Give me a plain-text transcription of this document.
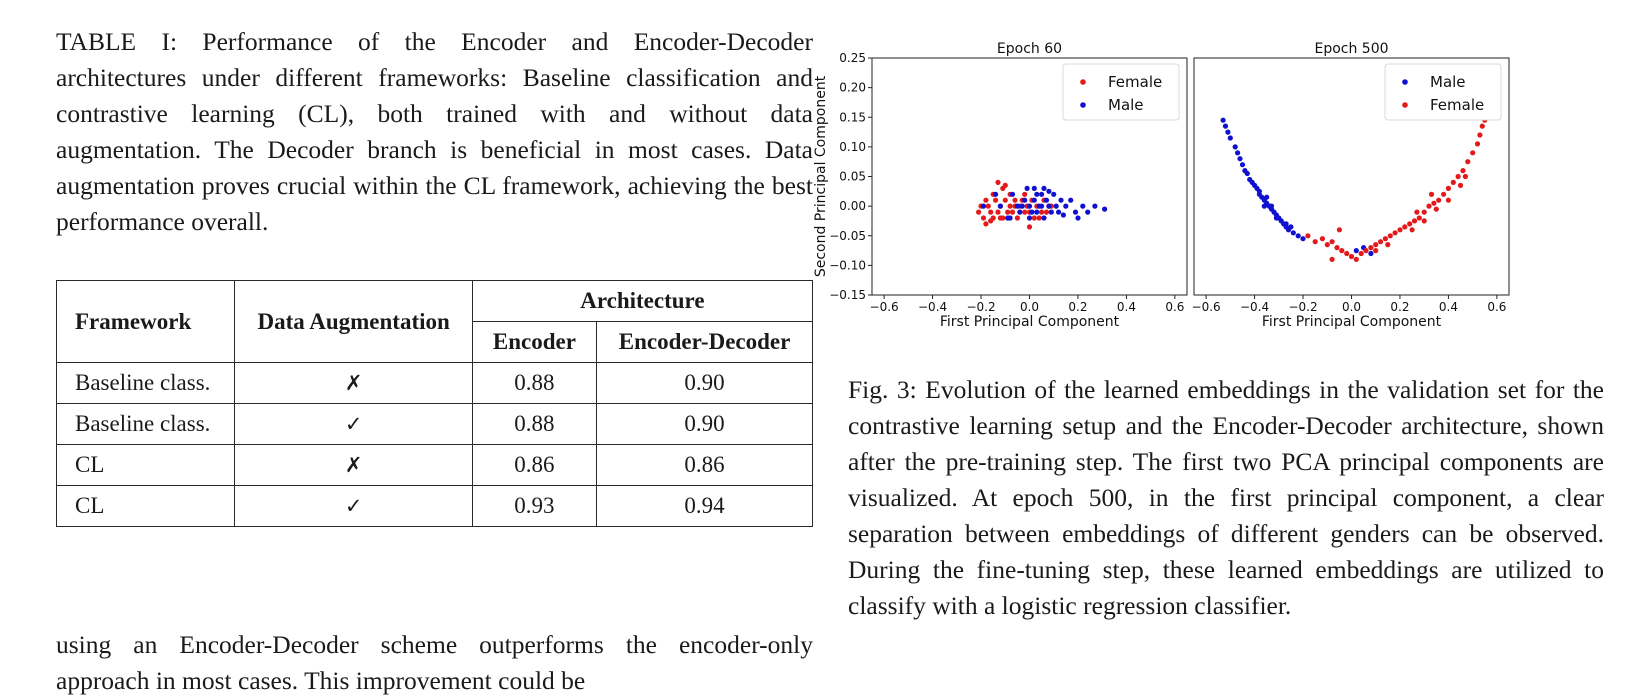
TABLE I: Performance of the Encoder and Encoder-Decoder architectures under different frameworks: Baseline classification and contrastive learning (CL), both trained with and without data augmentation. The Decoder branch is beneficial in most cases. Data augmentation proves crucial within the CL framework, achieving the best performance overall.

Framework	Data Augmentation	Architecture	
		Encoder	Encoder-Decoder
Baseline class.	✗	0.88	0.90
Baseline class.	✓	0.88	0.90
CL	✗	0.86	0.86
CL	✓	0.93	0.94
Epoch 60
−0.6 −0.4 −0.2 0.0 0.2 0.4 0.6
First Principal Component
−0.15
−0.10
−0.05
0.00
0.05
0.10
0.15
0.20
0.25
Second Principal Component	Female
Male
Epoch 500
−0.6 −0.4 −0.2 0.0 0.2 0.4 0.6
First Principal Component
Male
Female

Fig. 3: Evolution of the learned embeddings in the validation set for the contrastive learning setup and the Encoder-Decoder architecture, shown after the pre-training step. The first two PCA principal components are visualized. At epoch 500, in the first principal component, a clear separation between embeddings of different genders can be observed. During the fine-tuning step, these learned embeddings are utilized to classify with a logistic regression classifier.

using an Encoder-Decoder scheme outperforms the encoder-only approach in most cases. This improvement could be
